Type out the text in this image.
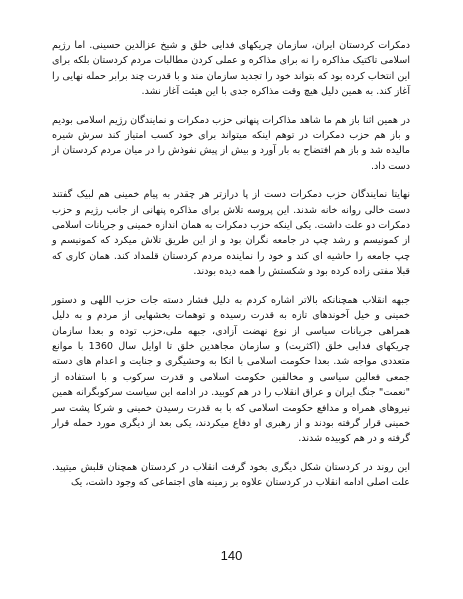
دمکرات کردستان ایران، سازمان چریکهای فدایی خلق و شیخ عزالدین حسینی. اما رژیم اسلامی تاکتیک مذاکره را نه برای مذاکره و عملی کردن مطالبات مردم کردستان بلکه برای این انتخاب کرده بود که بتواند خود را تجدید سازمان مند و با قدرت چند برابر حمله نهایی را آغاز کند. به همین دلیل هیچ وقت مذاکره جدی با این هیئت آغاز نشد.

در همین اثنا باز هم ما شاهد مذاکرات پنهانی حزب دمکرات و نمایندگان رژیم اسلامی بودیم و باز هم حزب دمکرات در توهم اینکه میتواند برای خود کسب امتیاز کند سرش شیره مالیده شد و باز هم افتضاح به بار آورد و بیش از پیش نفوذش را در میان مردم کردستان از دست داد.

نهایتا نمایندگان حزب دمکرات دست از پا درازتر هر چقدر به پیام خمینی هم لبیک گفتند دست خالی روانه خانه شدند. این پروسه تلاش برای مذاکره پنهانی از جانب رژیم و حزب دمکرات دو علت داشت. یکی اینکه حزب دمکرات به همان اندازه خمینی و جریانات اسلامی از کمونیسم و رشد چپ در جامعه نگران بود و از این طریق تلاش میکرد که کمونیسم و چپ جامعه را حاشیه ای کند و خود را نماینده مردم کردستان قلمداد کند. همان کاری که قبلا مفتی زاده کرده بود و شکستش را همه دیده بودند.

جبهه انقلاب همچنانکه بالاتر اشاره کردم به دلیل فشار دسته جات حزب اللهی و دستور خمینی و خیل آخوندهای تازه به قدرت رسیده و توهمات بخشهایی از مردم و به دلیل همراهی جریانات سیاسی از نوع نهضت آزادی، جبهه ملی،حزب توده و بعدا سازمان چریکهای فدایی خلق (اکثریت) و سازمان مجاهدین خلق تا اوایل سال 1360 با موانع متعددی مواجه شد. بعدا حکومت اسلامی با اتکا به وحشیگری و جنایت و اعدام های دسته جمعی فعالین سیاسی و مخالفین حکومت اسلامی و قدرت سرکوب و با استفاده از "نعمت" جنگ ایران و عراق انقلاب را در هم کوبید. در ادامه این سیاست سرکوبگرانه همین نیروهای همراه و مدافع حکومت اسلامی که با به قدرت رسیدن خمینی و شرکا پشت سر خمینی قرار گرفته بودند و از رهبری او دفاع میکردند، یکی بعد از دیگری مورد حمله قرار گرفته و در هم کوبیده شدند.

این روند در کردستان شکل دیگری بخود گرفت انقلاب در کردستان همچنان قلبش میتپید. علت اصلی ادامه انقلاب در کردستان علاوه بر زمینه های اجتماعی که وجود داشت، یک

140
